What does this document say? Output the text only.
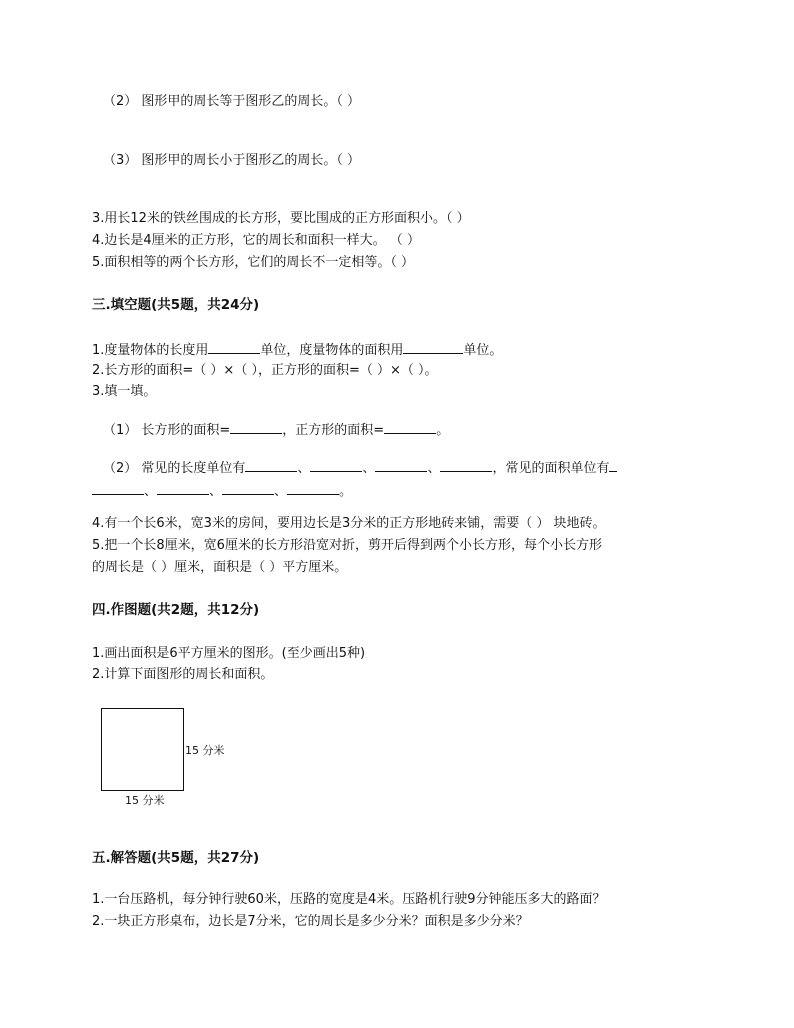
（2） 图形甲的周长等于图形乙的周长。（ ）
（3） 图形甲的周长小于图形乙的周长。（ ）
3.用长12米的铁丝围成的长方形，要比围成的正方形面积小。（ ）
4.边长是4厘米的正方形，它的周长和面积一样大。 （ ）
5.面积相等的两个长方形，它们的周长不一定相等。（ ）
三.填空题(共5题，共24分)
1.度量物体的长度用	单位，度量物体的面积用	单位。
2.长方形的面积=（ ）×（ ），正方形的面积=（ ）×（ ）。
3.填一填。
（1） 长方形的面积=	，正方形的面积=	。
（2） 常见的长度单位有	、	、	、	，常见的面积单位有
、	、	、	。
4.有一个长6米，宽3米的房间，要用边长是3分米的正方形地砖来铺，需要（ ） 块地砖。
5.把一个长8厘米，宽6厘米的长方形沿宽对折，剪开后得到两个小长方形，每个小长方形
的周长是（ ）厘米，面积是（ ）平方厘米。
四.作图题(共2题，共12分)
1.画出面积是6平方厘米的图形。(至少画出5种)
2.计算下面图形的周长和面积。
15 分米
15 分米
五.解答题(共5题，共27分)
1.一台压路机，每分钟行驶60米，压路的宽度是4米。压路机行驶9分钟能压多大的路面？
2.一块正方形桌布，边长是7分米，它的周长是多少分米？面积是多少分米？
